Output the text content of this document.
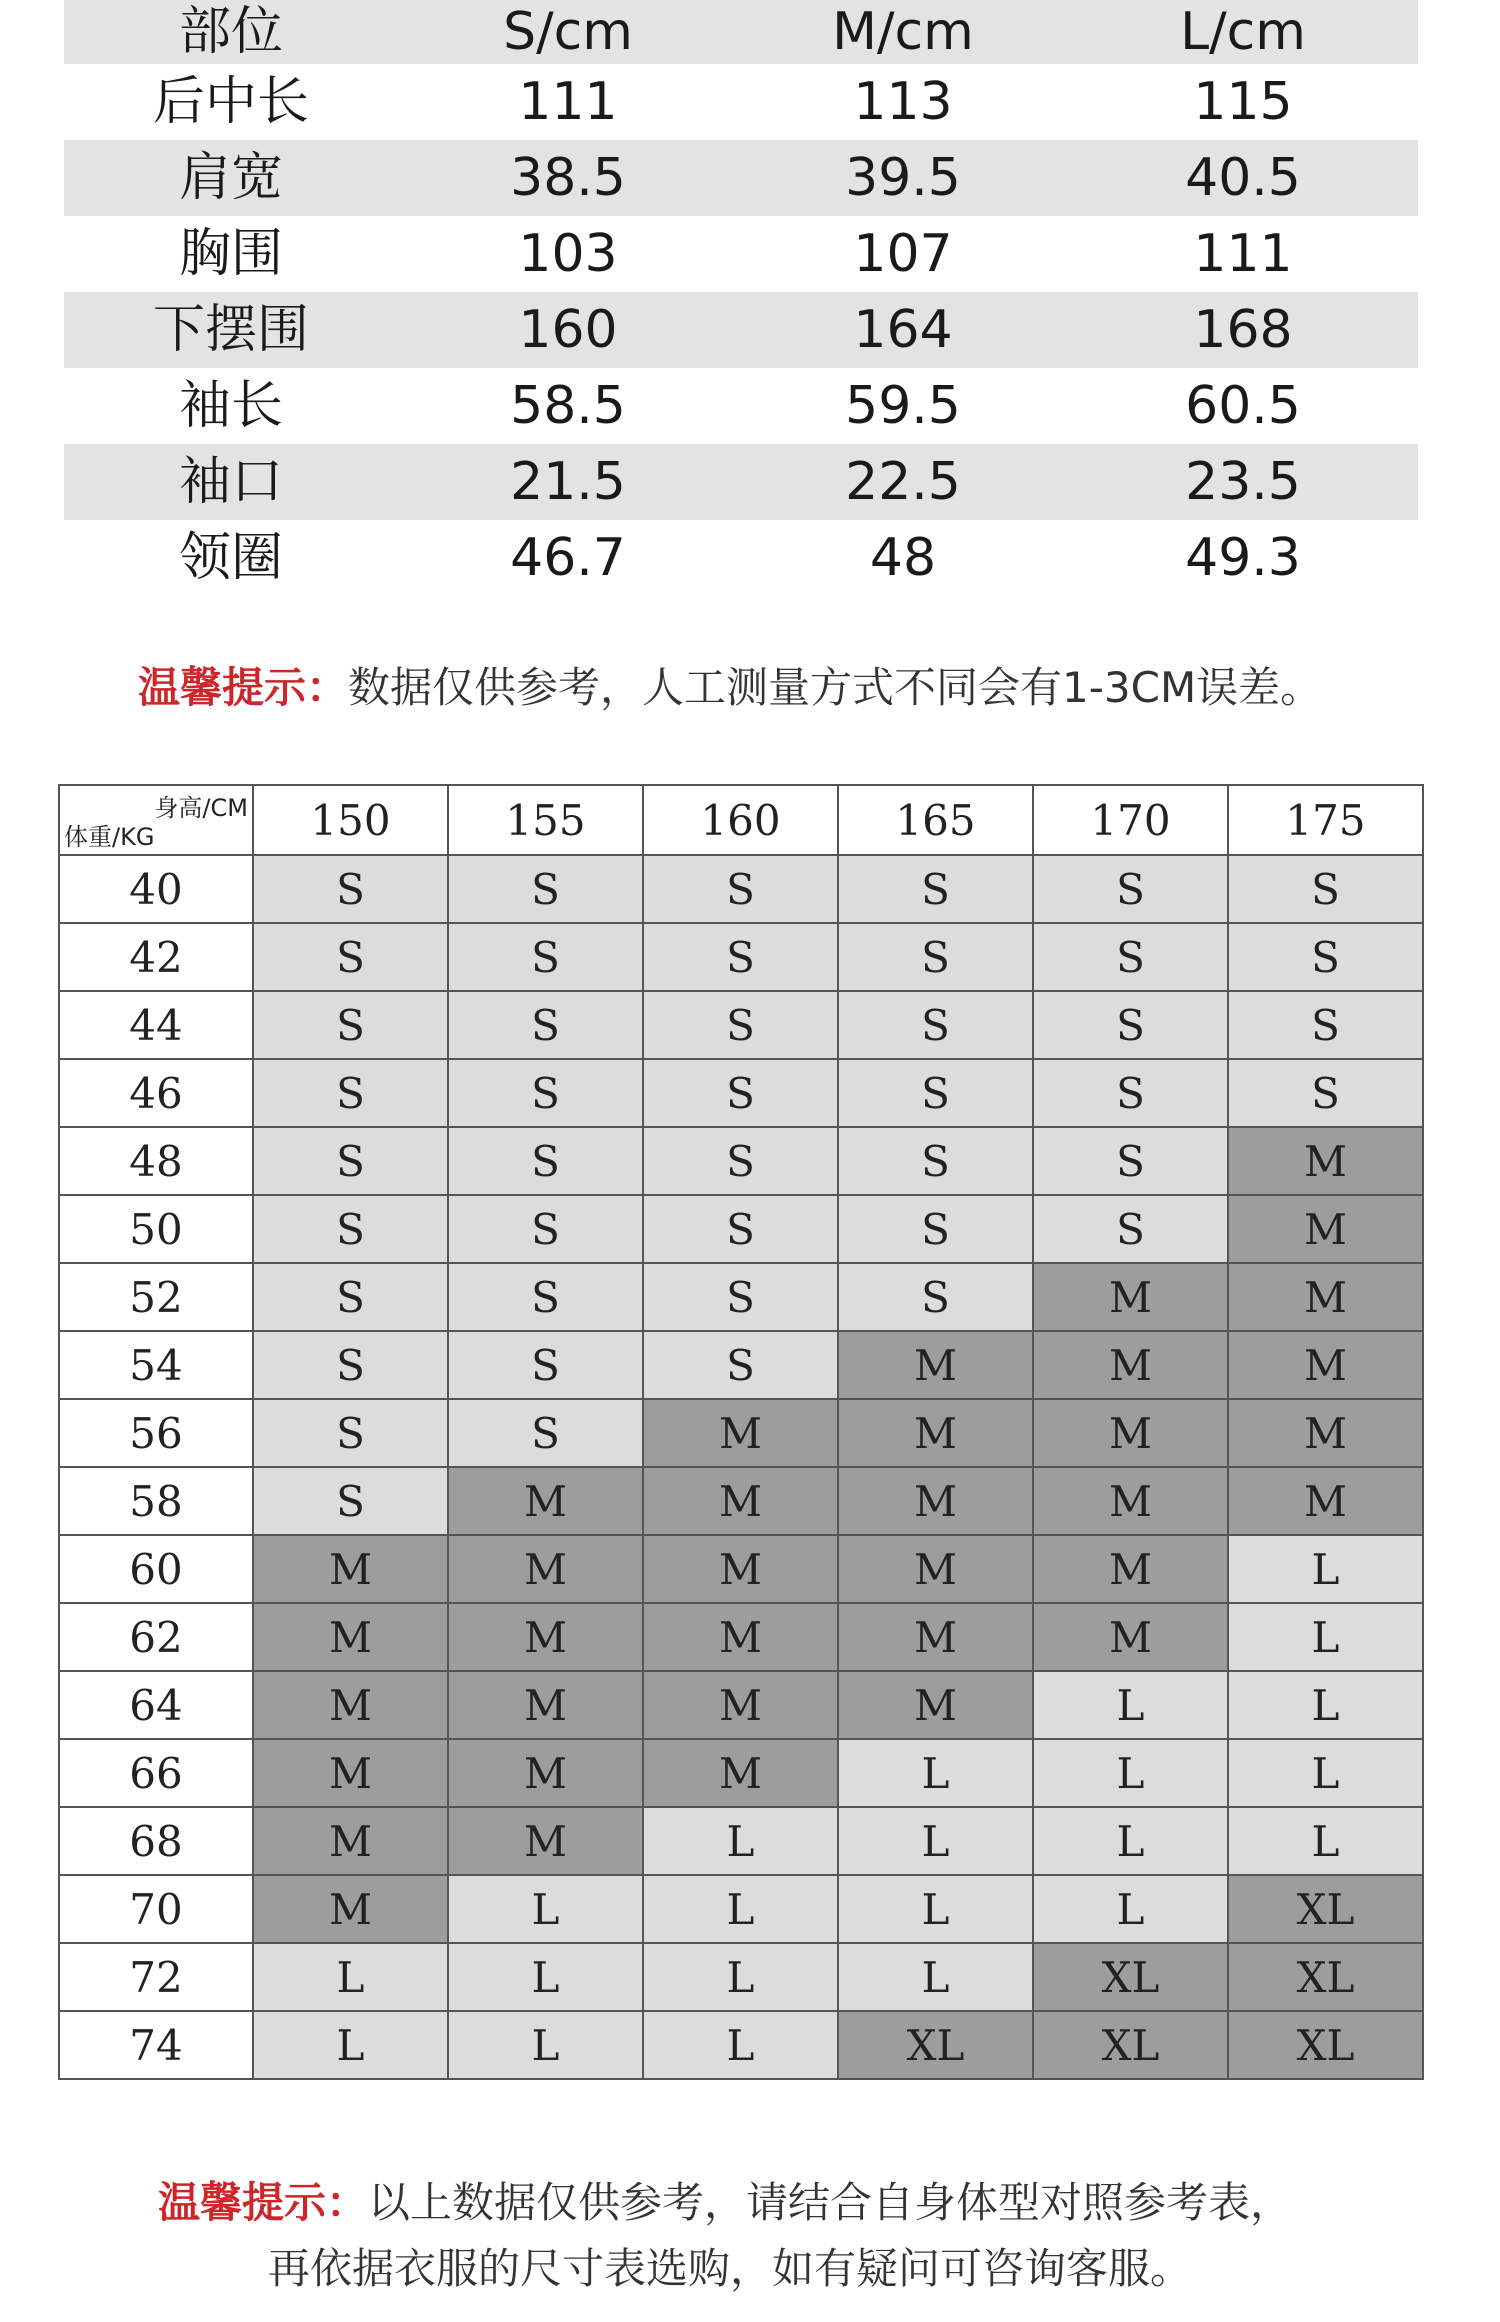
部位	S/cm	M/cm	L/cm
后中长	111	113	115
肩宽	38.5	39.5	40.5
胸围	103	107	111
下摆围	160	164	168
袖长	58.5	59.5	60.5
袖口	21.5	22.5	23.5
领圈	46.7	48	49.3
温馨提示：数据仅供参考，人工测量方式不同会有1-3CM误差。
身高/CM
体重/KG	150	155	160	165	170	175
40	S	S	S	S	S	S
42	S	S	S	S	S	S
44	S	S	S	S	S	S
46	S	S	S	S	S	S
48	S	S	S	S	S	M
50	S	S	S	S	S	M
52	S	S	S	S	M	M
54	S	S	S	M	M	M
56	S	S	M	M	M	M
58	S	M	M	M	M	M
60	M	M	M	M	M	L
62	M	M	M	M	M	L
64	M	M	M	M	L	L
66	M	M	M	L	L	L
68	M	M	L	L	L	L
70	M	L	L	L	L	XL
72	L	L	L	L	XL	XL
74	L	L	L	XL	XL	XL
温馨提示：以上数据仅供参考，请结合自身体型对照参考表，
再依据衣服的尺寸表选购，如有疑问可咨询客服。
